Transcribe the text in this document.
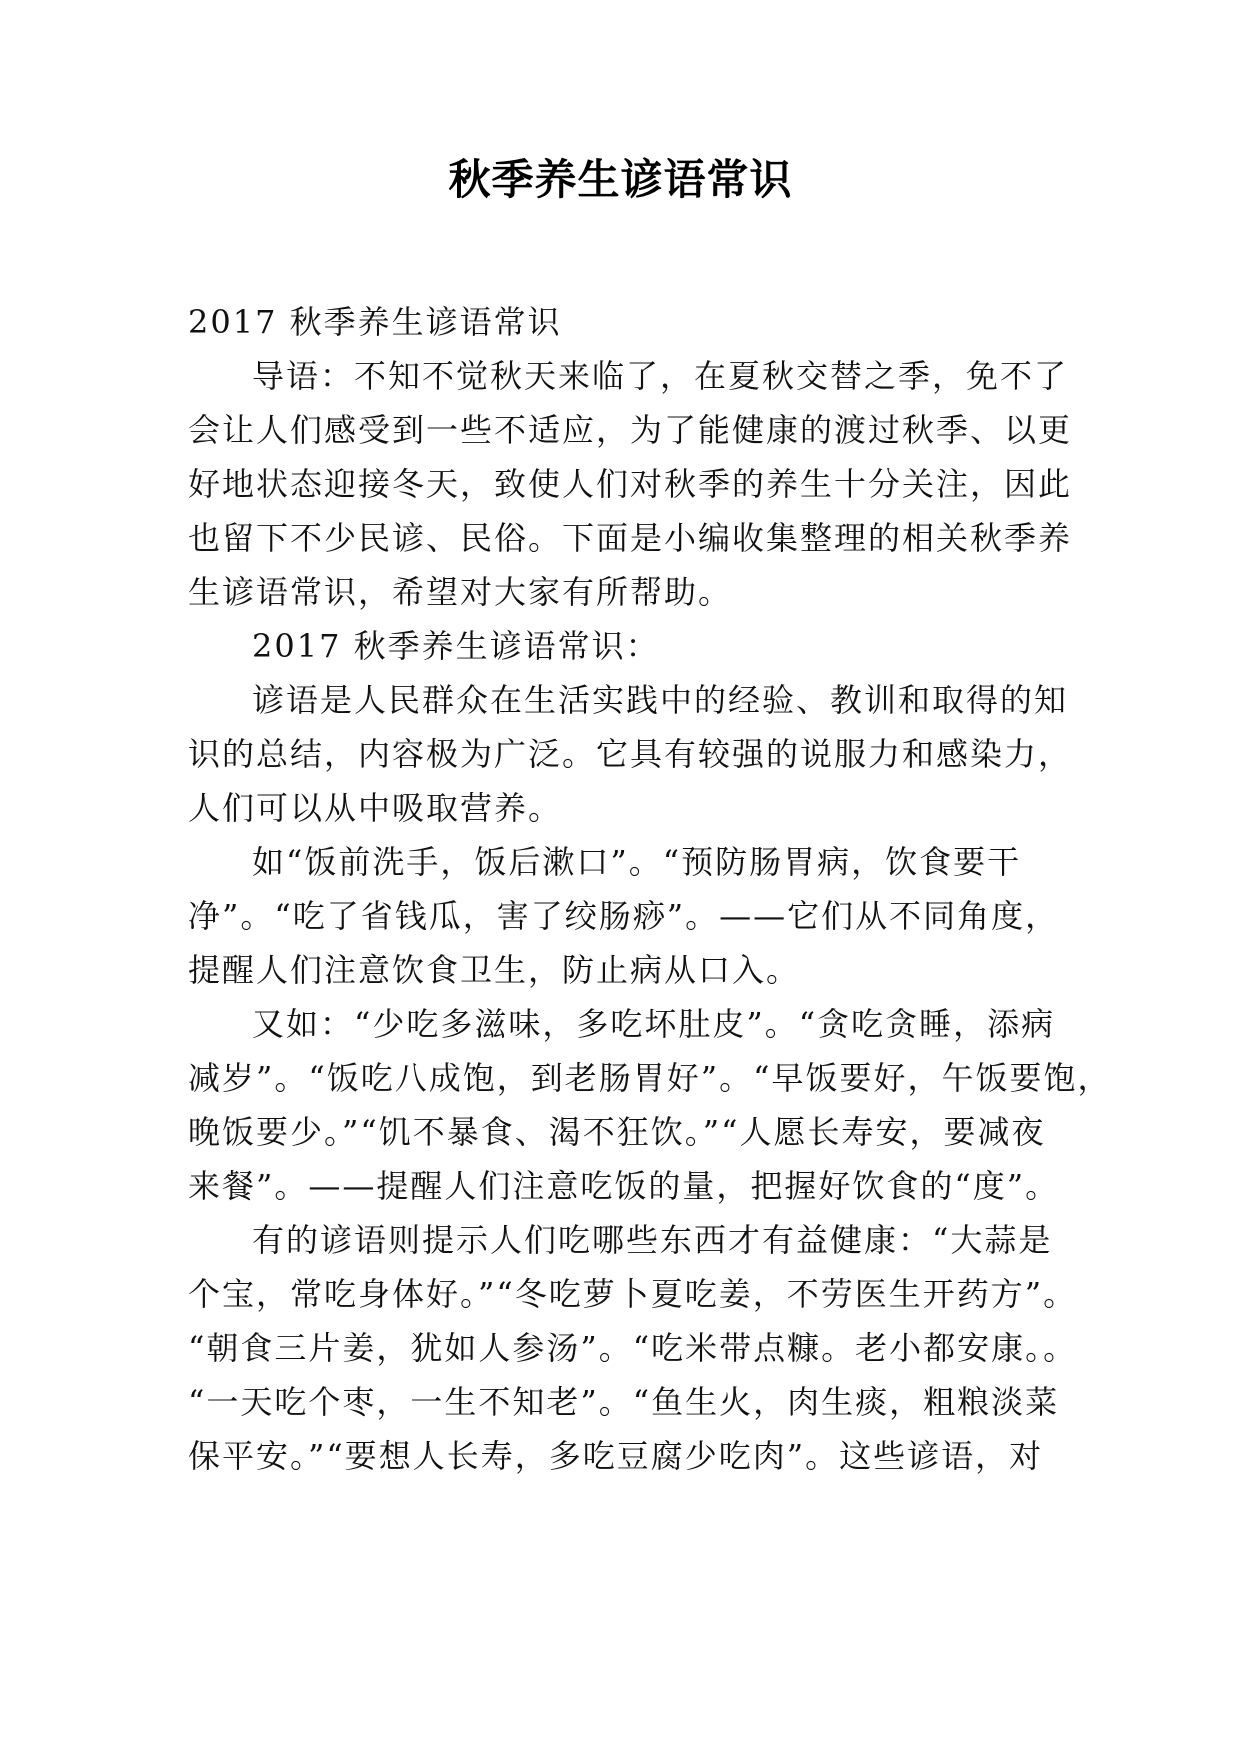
秋季养生谚语常识
2017 秋季养生谚语常识
导语：不知不觉秋天来临了，在夏秋交替之季，免不了
会让人们感受到一些不适应，为了能健康的渡过秋季、以更
好地状态迎接冬天，致使人们对秋季的养生十分关注，因此
也留下不少民谚、民俗。下面是小编收集整理的相关秋季养
生谚语常识，希望对大家有所帮助。
2017 秋季养生谚语常识：
谚语是人民群众在生活实践中的经验、教训和取得的知
识的总结，内容极为广泛。它具有较强的说服力和感染力，
人们可以从中吸取营养。
如“饭前洗手，饭后漱口”。“预防肠胃病，饮食要干
净”。“吃了省钱瓜，害了绞肠痧”。——它们从不同角度，
提醒人们注意饮食卫生，防止病从口入。
又如：“少吃多滋味，多吃坏肚皮”。“贪吃贪睡，添病
减岁”。“饭吃八成饱，到老肠胃好”。“早饭要好，午饭要饱，
晚饭要少。”“饥不暴食、渴不狂饮。”“人愿长寿安，要减夜
来餐”。——提醒人们注意吃饭的量，把握好饮食的“度”。
有的谚语则提示人们吃哪些东西才有益健康：“大蒜是
个宝，常吃身体好。”“冬吃萝卜夏吃姜，不劳医生开药方”。
“朝食三片姜，犹如人参汤”。“吃米带点糠。老小都安康。。
“一天吃个枣，一生不知老”。“鱼生火，肉生痰，粗粮淡菜
保平安。”“要想人长寿，多吃豆腐少吃肉”。这些谚语，对
